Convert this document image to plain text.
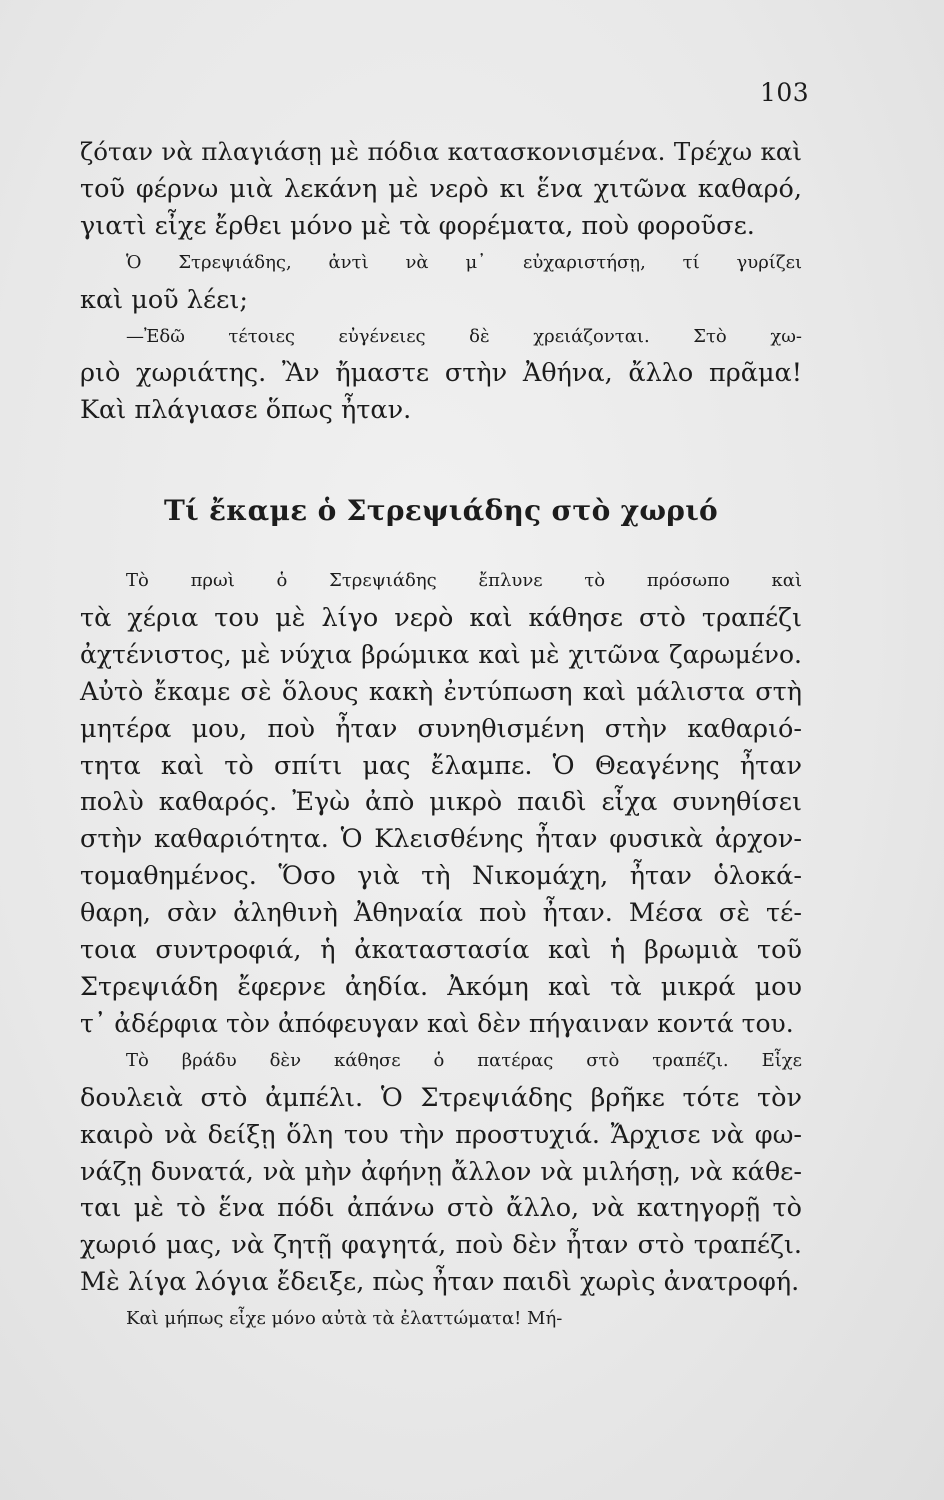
103
ζόταν νὰ πλαγιάσῃ μὲ πόδια κατασκονισμένα. Τρέχω καὶ
τοῦ φέρνω μιὰ λεκάνη μὲ νερὸ κι ἕνα χιτῶνα καθαρό,
γιατὶ εἶχε ἔρθει μόνο μὲ τὰ φορέματα, ποὺ φοροῦσε.
Ὁ Στρεψιάδης, ἀντὶ νὰ μ᾿ εὐχαριστήσῃ, τί γυρίζει
καὶ μοῦ λέει;
—Ἐδῶ τέτοιες εὐγένειες δὲ χρειάζονται. Στὸ χω-
ριὸ χωριάτης. Ἂν ἤμαστε στὴν Ἀθήνα, ἄλλο πρᾶμα!
Καὶ πλάγιασε ὅπως ἦταν.
Τί ἔκαμε ὁ Στρεψιάδης στὸ χωριό
Τὸ πρωὶ ὁ Στρεψιάδης ἔπλυνε τὸ πρόσωπο καὶ
τὰ χέρια του μὲ λίγο νερὸ καὶ κάθησε στὸ τραπέζι
ἀχτένιστος, μὲ νύχια βρώμικα καὶ μὲ χιτῶνα ζαρωμένο.
Αὐτὸ ἔκαμε σὲ ὅλους κακὴ ἐντύπωση καὶ μάλιστα στὴ
μητέρα μου, ποὺ ἦταν συνηθισμένη στὴν καθαριό-
τητα καὶ τὸ σπίτι μας ἔλαμπε. Ὁ Θεαγένης ἦταν
πολὺ καθαρός. Ἐγὼ ἀπὸ μικρὸ παιδὶ εἶχα συνηθίσει
στὴν καθαριότητα. Ὁ Κλεισθένης ἦταν φυσικὰ ἀρχον-
τομαθημένος. Ὅσο γιὰ τὴ Νικομάχη, ἦταν ὁλοκά-
θαρη, σὰν ἀληθινὴ Ἀθηναία ποὺ ἦταν. Μέσα σὲ τέ-
τοια συντροφιά, ἡ ἀκαταστασία καὶ ἡ βρωμιὰ τοῦ
Στρεψιάδη ἔφερνε ἀηδία. Ἀκόμη καὶ τὰ μικρά μου
τ᾿ ἀδέρφια τὸν ἀπόφευγαν καὶ δὲν πήγαιναν κοντά του.
Τὸ βράδυ δὲν κάθησε ὁ πατέρας στὸ τραπέζι. Εἶχε
δουλειὰ στὸ ἀμπέλι. Ὁ Στρεψιάδης βρῆκε τότε τὸν
καιρὸ νὰ δείξῃ ὅλη του τὴν προστυχιά. Ἄρχισε νὰ φω-
νάζῃ δυνατά, νὰ μὴν ἀφήνῃ ἄλλον νὰ μιλήσῃ, νὰ κάθε-
ται μὲ τὸ ἕνα πόδι ἀπάνω στὸ ἄλλο, νὰ κατηγορῇ τὸ
χωριό μας, νὰ ζητῇ φαγητά, ποὺ δὲν ἦταν στὸ τραπέζι.
Μὲ λίγα λόγια ἔδειξε, πὼς ἦταν παιδὶ χωρὶς ἀνατροφή.
Καὶ μήπως εἶχε μόνο αὐτὰ τὰ ἐλαττώματα! Μή-
